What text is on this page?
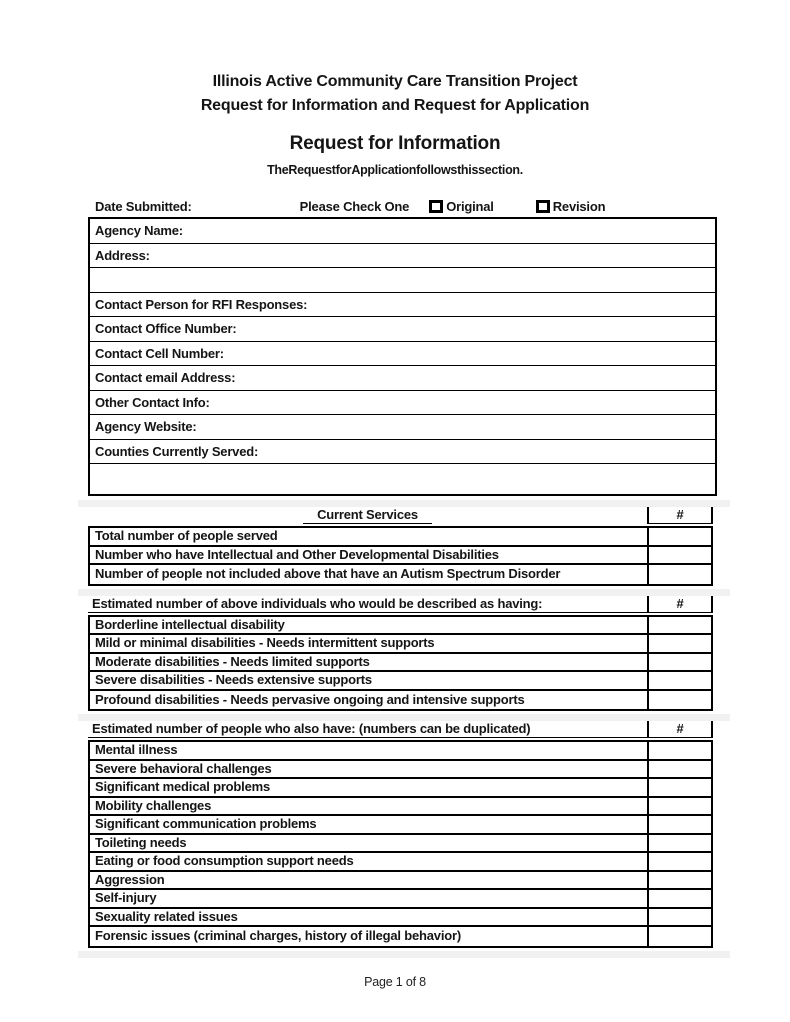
Illinois Active Community Care Transition Project
Request for Information and Request for Application
Request for Information
TheRequestforApplicationfollowsthissection.
Date Submitted:	Please Check One	Original	Revision
Agency Name:
Address:
Contact Person for RFI Responses:
Contact Office Number:
Contact Cell Number:
Contact email Address:
Other Contact Info:
Agency Website:
Counties Currently Served:
Current Services	#
Total number of people served
Number who have Intellectual and Other Developmental Disabilities
Number of people not included above that have an Autism Spectrum Disorder
Estimated number of above individuals who would be described as having:	#
Borderline intellectual disability
Mild or minimal disabilities - Needs intermittent supports
Moderate disabilities - Needs limited supports
Severe disabilities - Needs extensive supports
Profound disabilities - Needs pervasive ongoing and intensive supports
Estimated number of people who also have: (numbers can be duplicated)	#
Mental illness
Severe behavioral challenges
Significant medical problems
Mobility challenges
Significant communication problems
Toileting needs
Eating or food consumption support needs
Aggression
Self-injury
Sexuality related issues
Forensic issues (criminal charges, history of illegal behavior)
Page 1 of 8
